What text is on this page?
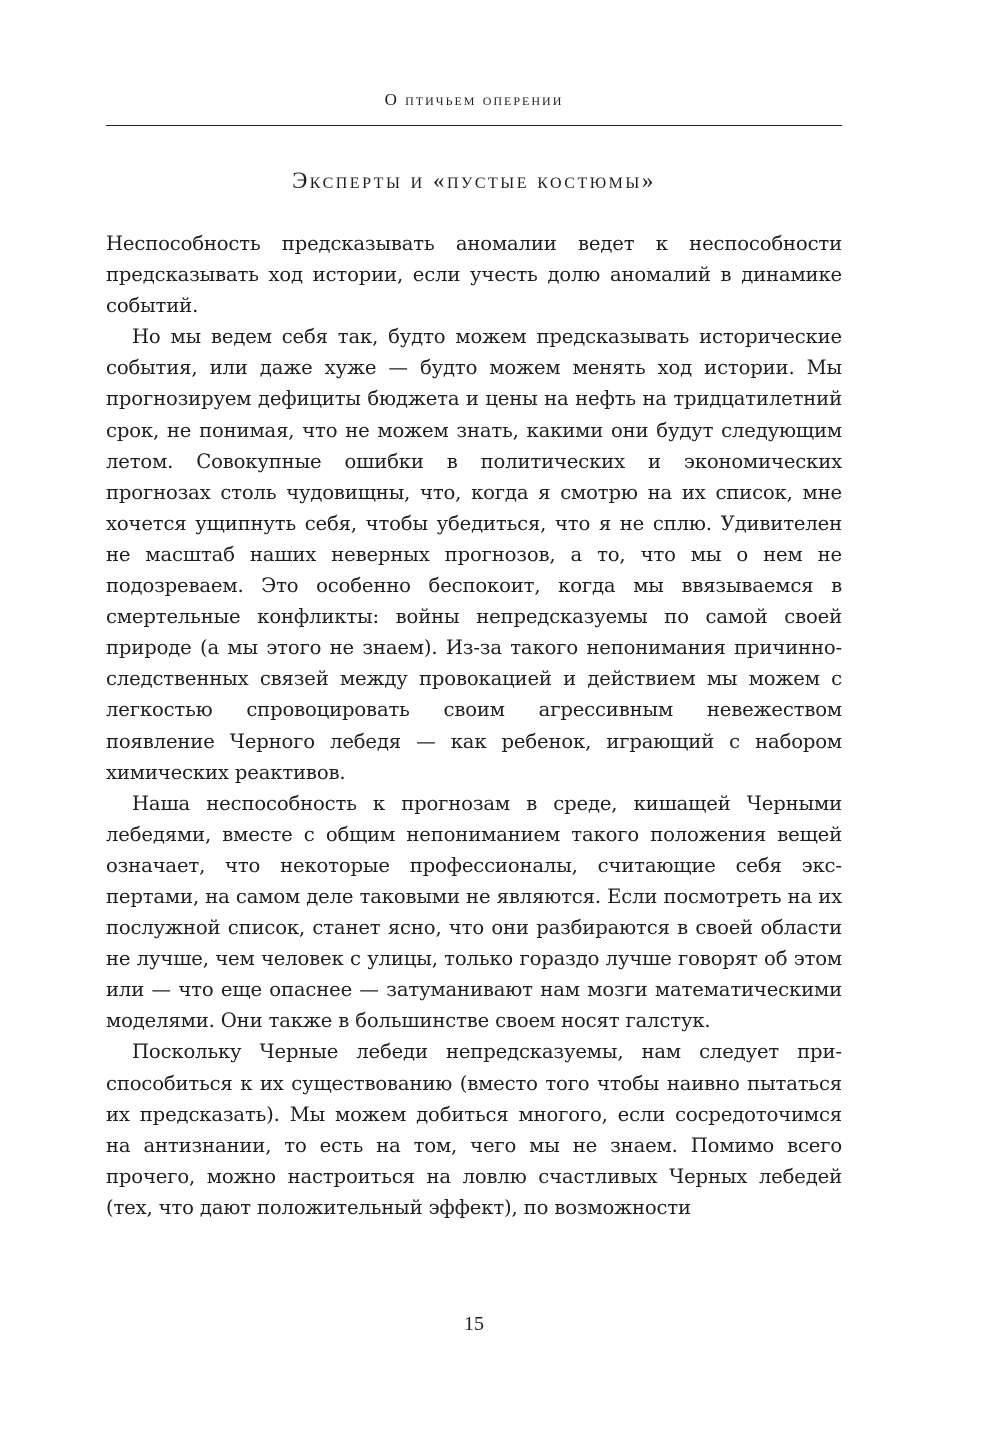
О птичьем оперении
Эксперты и «пустые костюмы»

Неспособность предсказывать аномалии ведет к неспособности предсказывать ход истории, если учесть долю аномалий в динамике событий.

Но мы ведем себя так, будто можем предсказывать исторические события, или даже хуже — будто можем менять ход истории. Мы прогнозируем дефициты бюджета и цены на нефть на тридцатилетний срок, не понимая, что не можем знать, какими они будут следующим летом. Совокупные ошибки в политических и экономических прогнозах столь чудовищны, что, когда я смотрю на их список, мне хочется ущипнуть себя, чтобы убедиться, что я не сплю. Удивителен не масштаб наших неверных прогнозов, а то, что мы о нем не подозреваем. Это особенно беспокоит, когда мы ввязываемся в смертельные конфликты: войны непредсказуемы по самой своей природе (а мы этого не знаем). Из-за такого непонимания причинно-следственных связей между провокацией и действием мы можем с легкостью спровоцировать своим агрессивным невежеством появление Черного лебедя — как ребенок, играющий с набором химических реактивов.

Наша неспособность к прогнозам в среде, кишащей Черными лебедями, вместе с общим непониманием такого положения вещей означает, что некоторые профессионалы, считающие себя экспертами, на самом деле таковыми не являются. Если посмотреть на их послужной список, станет ясно, что они разбираются в своей области не лучше, чем человек с улицы, только гораздо лучше говорят об этом или — что еще опаснее — затуманивают нам мозги математическими моделями. Они также в большинстве своем носят галстук.

Поскольку Черные лебеди непредсказуемы, нам следует приспособиться к их существованию (вместо того чтобы наивно пытаться их предсказать). Мы можем добиться многого, если сосредоточимся на антизнании, то есть на том, чего мы не знаем. Помимо всего прочего, можно настроиться на ловлю счастливых Черных лебедей (тех, что дают положительный эффект), по возможности

15
